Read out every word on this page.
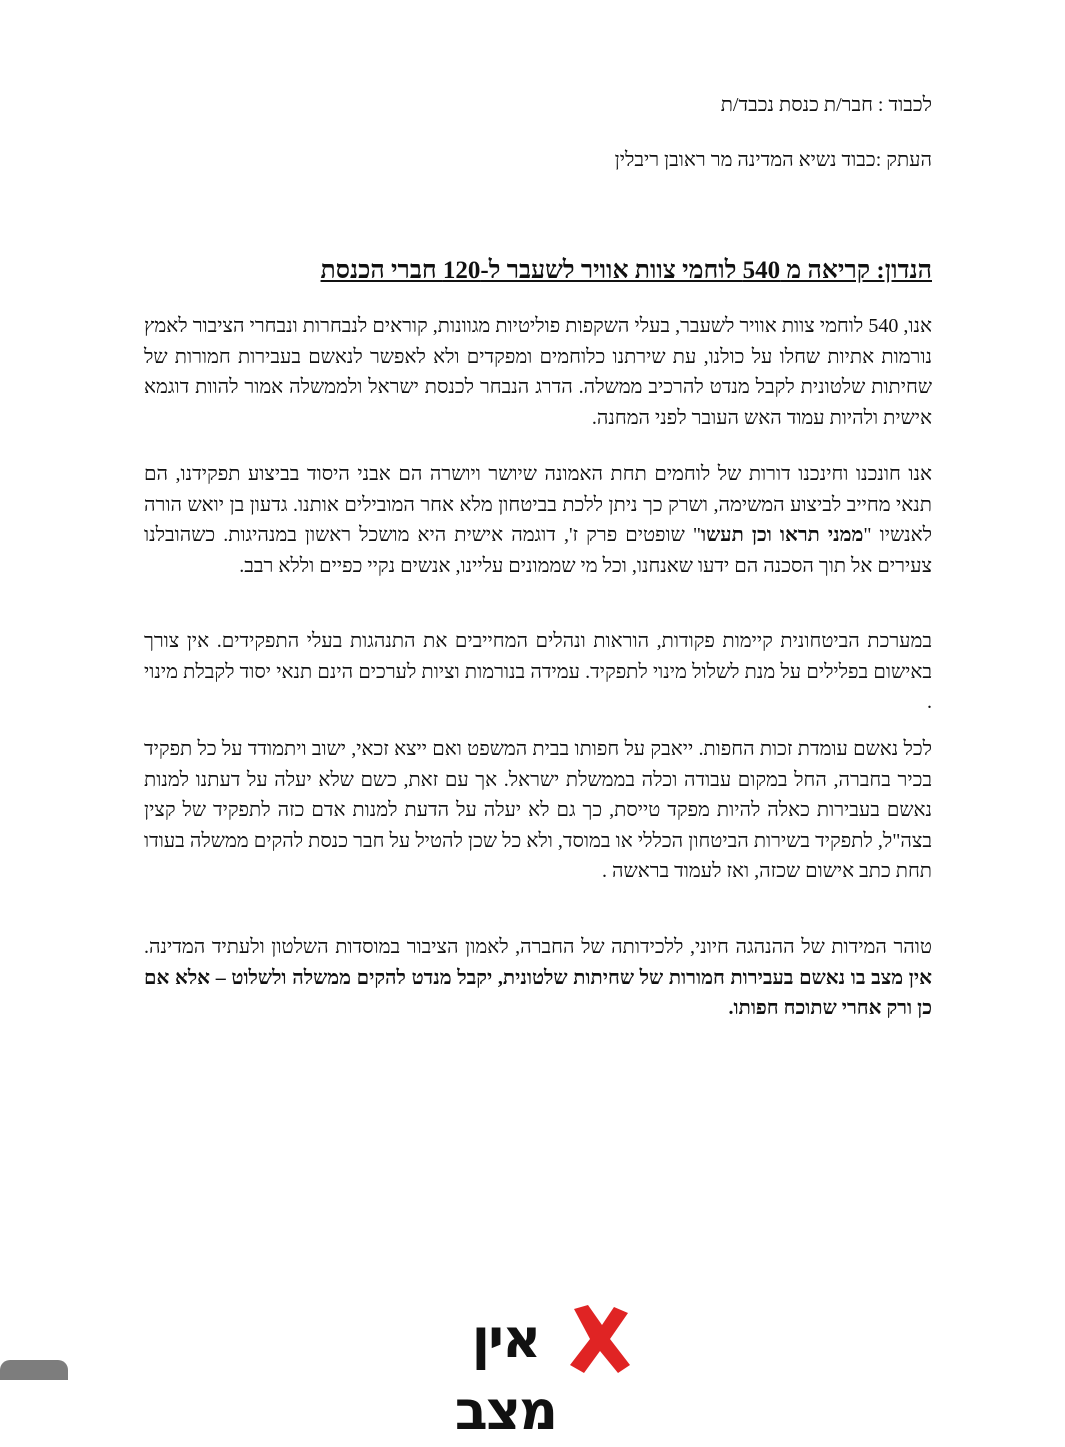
לכבוד : חבר/ת כנסת נכבד/ת
העתק :כבוד נשיא המדינה מר ראובן ריבלין
הנדון: קריאה מ 540 לוחמי צוות אוויר לשעבר ל-120 חברי הכנסת
אנו, 540 לוחמי צוות אוויר לשעבר, בעלי השקפות פוליטיות מגוונות, קוראים לנבחרות ונבחרי הציבור לאמץ נורמות אתיות שחלו על כולנו, עת שירתנו כלוחמים ומפקדים ולא לאפשר לנאשם בעבירות חמורות של שחיתות שלטונית לקבל מנדט להרכיב ממשלה. הדרג הנבחר לכנסת ישראל ולממשלה אמור להוות דוגמא אישית ולהיות עמוד האש העובר לפני המחנה.
אנו חונכנו וחינכנו דורות של לוחמים תחת האמונה שיושר ויושרה הם אבני היסוד בביצוע תפקידנו, הם תנאי מחייב לביצוע המשימה, ושרק כך ניתן ללכת בביטחון מלא אחר המובילים אותנו. גדעון בן יואש הורה לאנשיו "ממני תראו וכן תעשו" שופטים פרק ז', דוגמה אישית היא מושכל ראשון במנהיגות. כשהובלנו צעירים אל תוך הסכנה הם ידעו שאנחנו, וכל מי שממונים עליינו, אנשים נקיי כפיים וללא רבב.
במערכת הביטחונית קיימות פקודות, הוראות ונהלים המחייבים את התנהגות בעלי התפקידים. אין צורך באישום בפלילים על מנת לשלול מינוי לתפקיד. עמידה בנורמות וציות לערכים הינם תנאי יסוד לקבלת מינוי .
לכל נאשם עומדת זכות החפות. ייאבק על חפותו בבית המשפט ואם ייצא זכאי, ישוב ויתמודד על כל תפקיד בכיר בחברה, החל במקום עבודה וכלה בממשלת ישראל. אך עם זאת, כשם שלא יעלה על דעתנו למנות נאשם בעבירות כאלה להיות מפקד טייסת, כך גם לא יעלה על הדעת למנות אדם כזה לתפקיד של קצין בצה"ל, לתפקיד בשירות הביטחון הכללי או במוסד, ולא כל שכן להטיל על חבר כנסת להקים ממשלה בעודו תחת כתב אישום שכזה, ואז לעמוד בראשה .
טוהר המידות של ההנהגה חיוני, ללכידותה של החברה, לאמון הציבור במוסדות השלטון ולעתיד המדינה. אין מצב בו נאשם בעבירות חמורות של שחיתות שלטונית, יקבל מנדט להקים ממשלה ולשלוט – אלא אם כן ורק אחרי שתוכח חפותו.
אין מצב
